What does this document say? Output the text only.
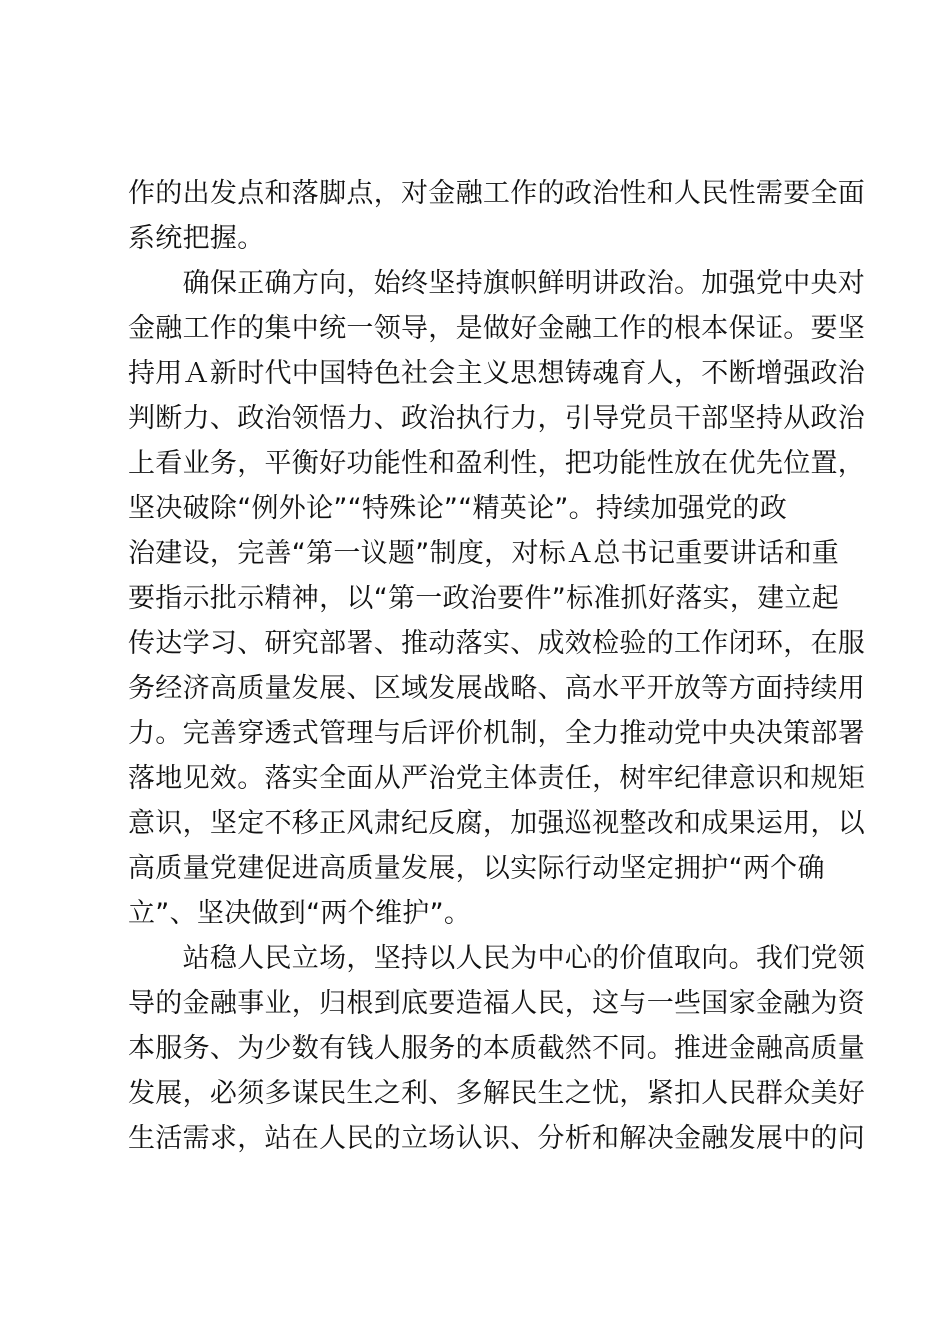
作的出发点和落脚点，对金融工作的政治性和人民性需要全面
系统把握。
　　确保正确方向，始终坚持旗帜鲜明讲政治。加强党中央对
金融工作的集中统一领导，是做好金融工作的根本保证。要坚
持用Ａ新时代中国特色社会主义思想铸魂育人，不断增强政治
判断力、政治领悟力、政治执行力，引导党员干部坚持从政治
上看业务，平衡好功能性和盈利性，把功能性放在优先位置，
坚决破除“例外论”“特殊论”“精英论”。持续加强党的政
治建设，完善“第一议题”制度，对标Ａ总书记重要讲话和重
要指示批示精神，以“第一政治要件”标准抓好落实，建立起
传达学习、研究部署、推动落实、成效检验的工作闭环，在服
务经济高质量发展、区域发展战略、高水平开放等方面持续用
力。完善穿透式管理与后评价机制，全力推动党中央决策部署
落地见效。落实全面从严治党主体责任，树牢纪律意识和规矩
意识，坚定不移正风肃纪反腐，加强巡视整改和成果运用，以
高质量党建促进高质量发展，以实际行动坚定拥护“两个确
立”、坚决做到“两个维护”。
　　站稳人民立场，坚持以人民为中心的价值取向。我们党领
导的金融事业，归根到底要造福人民，这与一些国家金融为资
本服务、为少数有钱人服务的本质截然不同。推进金融高质量
发展，必须多谋民生之利、多解民生之忧，紧扣人民群众美好
生活需求，站在人民的立场认识、分析和解决金融发展中的问
